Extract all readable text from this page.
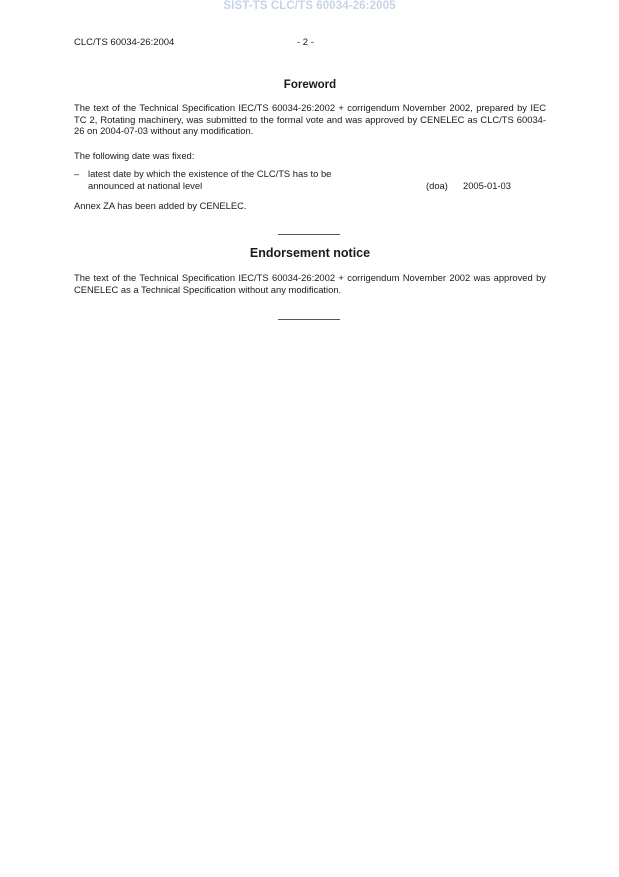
SIST-TS CLC/TS 60034-26:2005
CLC/TS 60034-26:2004	- 2 -
Foreword

The text of the Technical Specification IEC/TS 60034-26:2002 + corrigendum November 2002, prepared by IEC TC 2, Rotating machinery, was submitted to the formal vote and was approved by CENELEC as CLC/TS 60034-26 on 2004-07-03 without any modification.

The following date was fixed:

– latest date by which the existence of the CLC/TS has to be announced at national level	(doa) 2005-01-03

Annex ZA has been added by CENELEC.

Endorsement notice

The text of the Technical Specification IEC/TS 60034-26:2002 + corrigendum November 2002 was approved by CENELEC as a Technical Specification without any modification.
